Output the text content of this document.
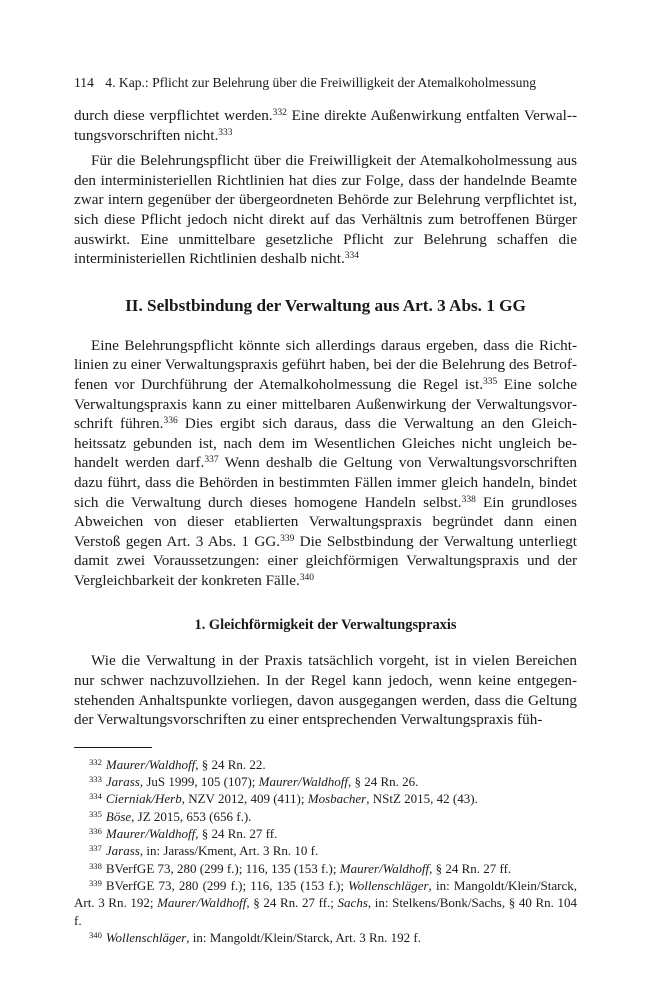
114 4. Kap.: Pflicht zur Belehrung über die Freiwilligkeit der Atemalkoholmessung

durch diese verpflichtet werden.$^{332}$ Eine direkte Außenwirkung entfalten Verwal-tungsvorschriften nicht.$^{333}$

Für die Belehrungspflicht über die Freiwilligkeit der Atemalkoholmessung aus den interministeriellen Richtlinien hat dies zur Folge, dass der handelnde Beamte zwar intern gegenüber der übergeordneten Behörde zur Belehrung verpflichtet ist, sich diese Pflicht jedoch nicht direkt auf das Verhältnis zum betroffenen Bürger auswirkt. Eine unmittelbare gesetzliche Pflicht zur Belehrung schaffen die interministeriellen Richtlinien deshalb nicht.$^{334}$

II. Selbstbindung der Verwaltung aus Art. 3 Abs. 1 GG

Eine Belehrungspflicht könnte sich allerdings daraus ergeben, dass die Richtlinien zu einer Verwaltungspraxis geführt haben, bei der die Belehrung des Betroffenen vor Durchführung der Atemalkoholmessung die Regel ist.$^{335}$ Eine solche Verwaltungspraxis kann zu einer mittelbaren Außenwirkung der Verwaltungsvorschrift führen.$^{336}$ Dies ergibt sich daraus, dass die Verwaltung an den Gleichheitssatz gebunden ist, nach dem im Wesentlichen Gleiches nicht ungleich behandelt werden darf.$^{337}$ Wenn deshalb die Geltung von Verwaltungsvorschriften dazu führt, dass die Behörden in bestimmten Fällen immer gleich handeln, bindet sich die Verwaltung durch dieses homogene Handeln selbst.$^{338}$ Ein grundloses Abweichen von dieser etablierten Verwaltungspraxis begründet dann einen Verstoß gegen Art. 3 Abs. 1 GG.$^{339}$ Die Selbstbindung der Verwaltung unterliegt damit zwei Voraussetzungen: einer gleichförmigen Verwaltungspraxis und der Vergleichbarkeit der konkreten Fälle.$^{340}$

1. Gleichförmigkeit der Verwaltungspraxis

Wie die Verwaltung in der Praxis tatsächlich vorgeht, ist in vielen Bereichen nur schwer nachzuvollziehen. In der Regel kann jedoch, wenn keine entgegenstehenden Anhaltspunkte vorliegen, davon ausgegangen werden, dass die Geltung der Verwaltungsvorschriften zu einer entsprechenden Verwaltungspraxis füh-

$^{332}$ Maurer/Waldhoff, § 24 Rn. 22.

$^{333}$ Jarass, JuS 1999, 105 (107); Maurer/Waldhoff, § 24 Rn. 26.

$^{334}$ Cierniak/Herb, NZV 2012, 409 (411); Mosbacher, NStZ 2015, 42 (43).

$^{335}$ Böse, JZ 2015, 653 (656 f.).

$^{336}$ Maurer/Waldhoff, § 24 Rn. 27 ff.

$^{337}$ Jarass, in: Jarass/Kment, Art. 3 Rn. 10 f.

$^{338}$ BVerfGE 73, 280 (299 f.); 116, 135 (153 f.); Maurer/Waldhoff, § 24 Rn. 27 ff.

$^{339}$ BVerfGE 73, 280 (299 f.); 116, 135 (153 f.); Wollenschläger, in: Mangoldt/Klein/Starck, Art. 3 Rn. 192; Maurer/Waldhoff, § 24 Rn. 27 ff.; Sachs, in: Stelkens/Bonk/Sachs, § 40 Rn. 104 f.

$^{340}$ Wollenschläger, in: Mangoldt/Klein/Starck, Art. 3 Rn. 192 f.
